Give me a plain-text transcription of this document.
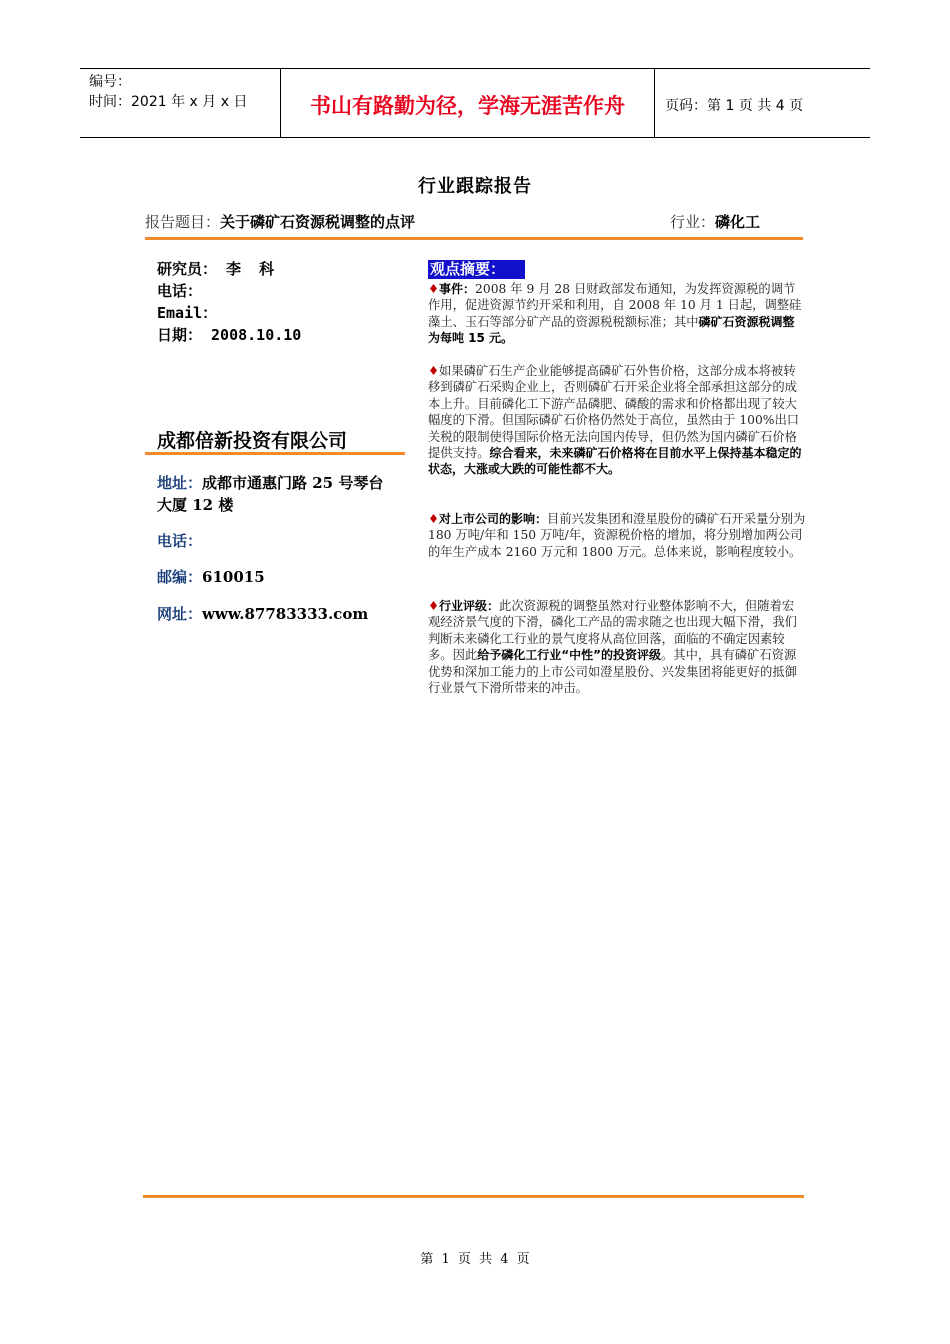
编号：
时间：2021 年 x 月 x 日	书山有路勤为径，学海无涯苦作舟	页码：第 1 页 共 4 页
行业跟踪报告
报告题目：关于磷矿石资源税调整的点评	行业：磷化工
研究员： 李  科
电话：
Email：
日期： 2008.10.10
成都倍新投资有限公司
地址：成都市通惠门路 25 号琴台大厦 12 楼
电话：
邮编：610015
网址：www.87783333.com
观点摘要：

♦事件：2008 年 9 月 28 日财政部发布通知，为发挥资源税的调节作用，促进资源节约开采和利用，自 2008 年 10 月 1 日起，调整硅藻土、玉石等部分矿产品的资源税税额标准；其中磷矿石资源税调整为每吨 15 元。

♦如果磷矿石生产企业能够提高磷矿石外售价格，这部分成本将被转移到磷矿石采购企业上，否则磷矿石开采企业将全部承担这部分的成本上升。目前磷化工下游产品磷肥、磷酸的需求和价格都出现了较大幅度的下滑。但国际磷矿石价格仍然处于高位，虽然由于 100%出口关税的限制使得国际价格无法向国内传导，但仍然为国内磷矿石价格提供支持。综合看来，未来磷矿石价格将在目前水平上保持基本稳定的状态，大涨或大跌的可能性都不大。

♦对上市公司的影响：目前兴发集团和澄星股份的磷矿石开采量分别为 180 万吨/年和 150 万吨/年，资源税价格的增加，将分别增加两公司的年生产成本 2160 万元和 1800 万元。总体来说，影响程度较小。

♦行业评级：此次资源税的调整虽然对行业整体影响不大，但随着宏观经济景气度的下滑，磷化工产品的需求随之也出现大幅下滑，我们判断未来磷化工行业的景气度将从高位回落，面临的不确定因素较多。因此给予磷化工行业“中性”的投资评级。其中，具有磷矿石资源优势和深加工能力的上市公司如澄星股份、兴发集团将能更好的抵御行业景气下滑所带来的冲击。

第 1 页 共 4 页
